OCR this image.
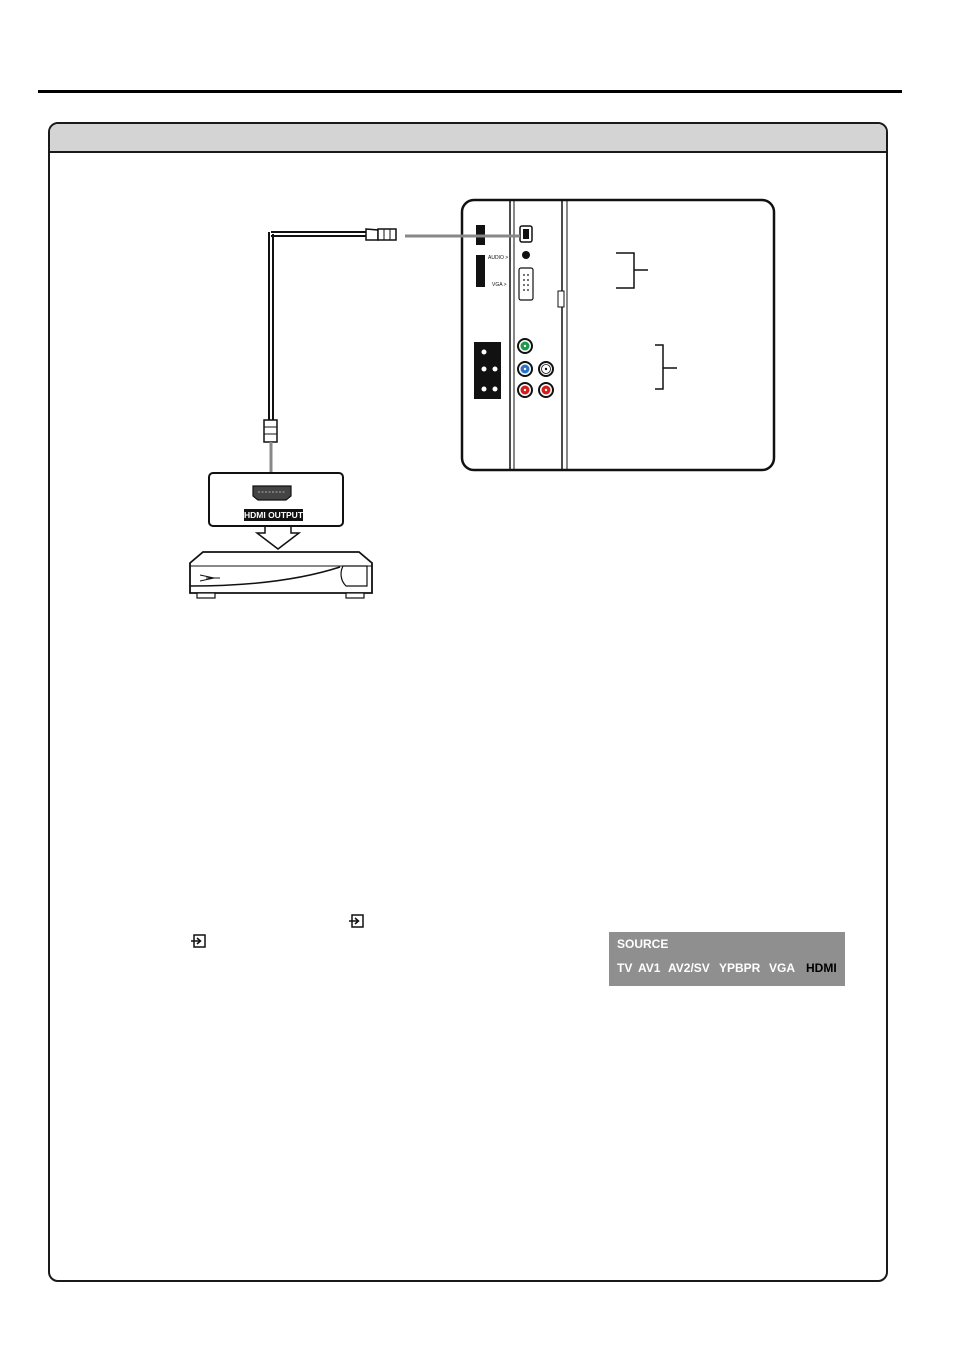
AUDIO >
VGA >
HDMI OUTPUT
SOURCE
TV AV1 AV2/SV YPBPR VGA HDMI
